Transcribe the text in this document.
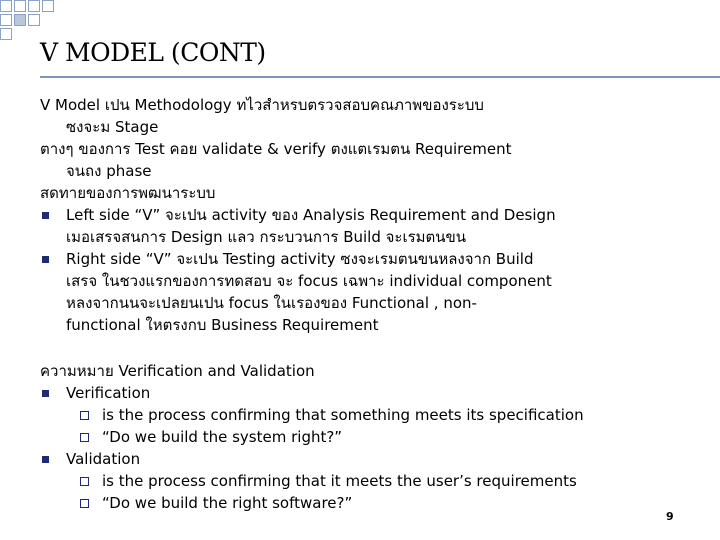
V MODEL (CONT)
V Model เปน Methodology ทไวสำหรบตรวจสอบคณภาพของระบบ
ซงจะม Stage
ตางๆ ของการ Test คอย validate & verify ตงแตเรมตน Requirement
จนถง phase
สดทายของการพฒนาระบบ
Left side “V” จะเปน activity ของ Analysis Requirement and Design
เมอเสรจสนการ Design แลว กระบวนการ Build จะเรมตนขน
Right side “V” จะเปน Testing activity ซงจะเรมตนขนหลงจาก Build
เสรจ ในชวงแรกของการทดสอบ จะ focus เฉพาะ individual component
หลงจากนนจะเปลยนเปน focus ในเรองของ Functional , non-
functional ใหตรงกบ Business Requirement
ความหมาย Verification and Validation
Verification
is the process confirming that something meets its specification
“Do we build the system right?”
Validation
is the process confirming that it meets the user’s requirements
“Do we build the right software?”
9
